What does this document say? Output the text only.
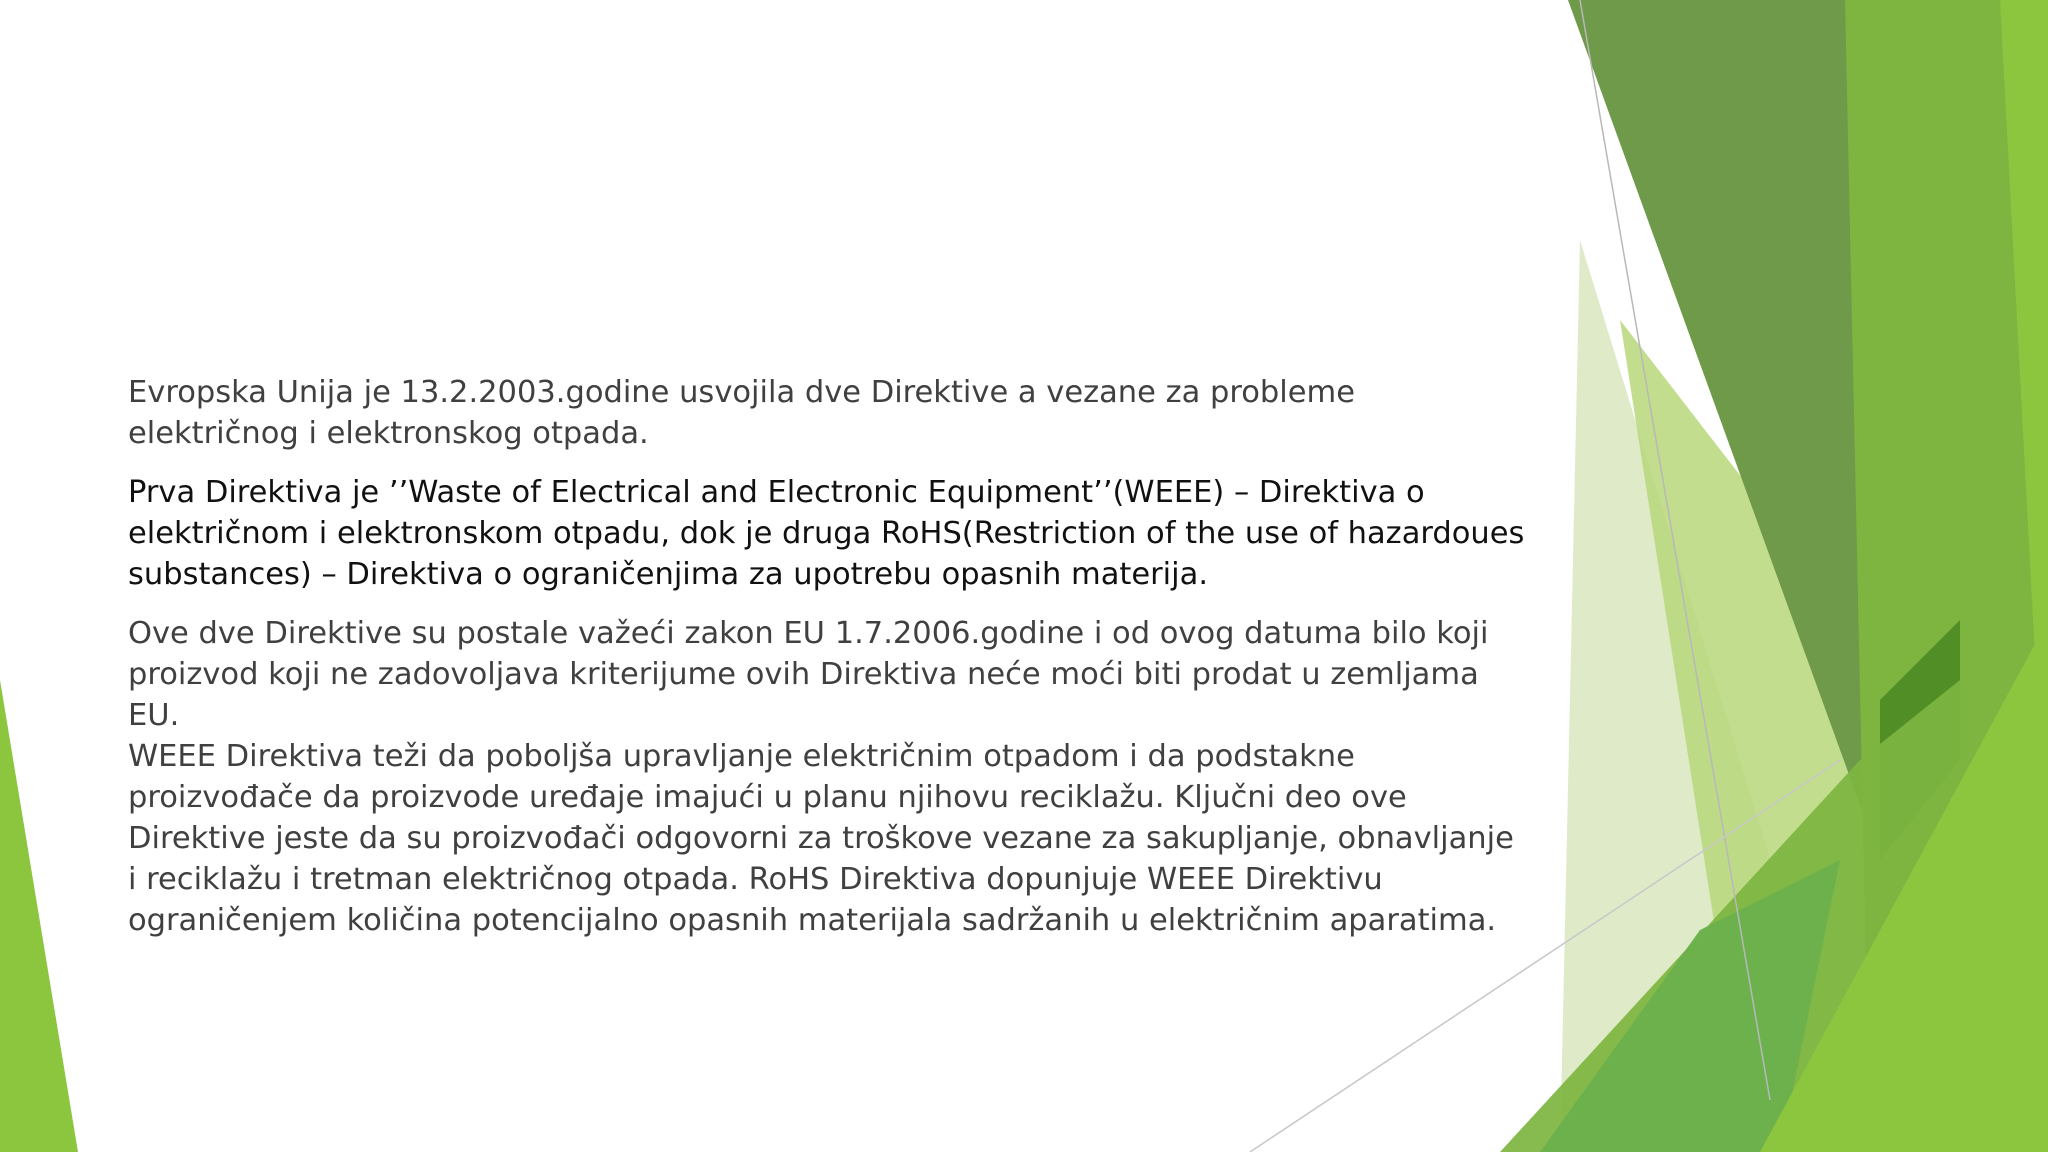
Evropska Unija je 13.2.2003.godine usvojila dve Direktive a vezane za probleme
električnog i elektronskog otpada.

Prva Direktiva je ’’Waste of Electrical and Electronic Equipment’’(WEEE) – Direktiva o
električnom i elektronskom otpadu, dok je druga RoHS(Restriction of the use of hazardoues
substances) – Direktiva o ograničenjima za upotrebu opasnih materija.

Ove dve Direktive su postale važeći zakon EU 1.7.2006.godine i od ovog datuma bilo koji
proizvod koji ne zadovoljava kriterijume ovih Direktiva neće moći biti prodat u zemljama
EU.
WEEE Direktiva teži da poboljša upravljanje električnim otpadom i da podstakne
proizvođače da proizvode uređaje imajući u planu njihovu reciklažu. Ključni deo ove
Direktive jeste da su proizvođači odgovorni za troškove vezane za sakupljanje, obnavljanje
i reciklažu i tretman električnog otpada. RoHS Direktiva dopunjuje WEEE Direktivu
ograničenjem količina potencijalno opasnih materijala sadržanih u električnim aparatima.
